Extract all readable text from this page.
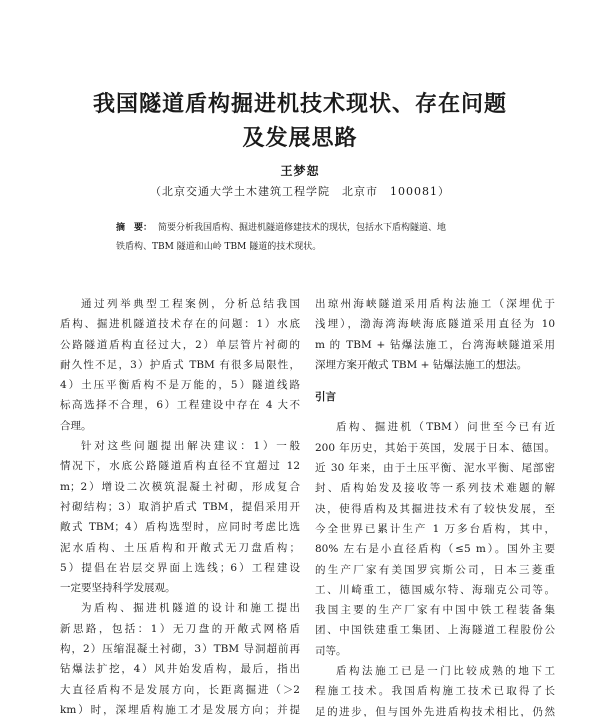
我国隧道盾构掘进机技术现状、存在问题
及发展思路
王梦恕
（北京交通大学土木建筑工程学院　北京市　100081）
摘　要： 简要分析我国盾构、掘进机隧道修建技术的现状，包括水下盾构隧道、地
铁盾构、TBM 隧道和山岭 TBM 隧道的技术现状。
通过列举典型工程案例，分析总结我国
盾构、掘进机隧道技术存在的问题：1）水底
公路隧道盾构直径过大，2）单层管片衬砌的
耐久性不足，3）护盾式 TBM 有很多局限性，
4）土压平衡盾构不是万能的，5）隧道线路
标高选择不合理，6）工程建设中存在 4 大不
合理。
针对这些问题提出解决建议：1）一般
情况下，水底公路隧道盾构直径不宜超过 12
m；2）增设二次模筑混凝土衬砌，形成复合
衬砌结构；3）取消护盾式 TBM，提倡采用开
敞式 TBM；4）盾构选型时，应同时考虑比选
泥水盾构、土压盾构和开敞式无刀盘盾构；
5）提倡在岩层交界面上选线；6）工程建设
一定要坚持科学发展观。
为盾构、掘进机隧道的设计和施工提出
新思路，包括：1）无刀盘的开敞式网格盾
构，2）压缩混凝土衬砌，3）TBM 导洞超前再
钻爆法扩挖，4）风井始发盾构，最后，指出
大直径盾构不是发展方向，长距离掘进（＞2
km）时，深埋盾构施工才是发展方向；并提
出琼州海峡隧道采用盾构法施工（深埋优于
浅埋），渤海湾海峡海底隧道采用直径为 10
m 的 TBM + 钻爆法施工，台湾海峡隧道采用
深埋方案开敞式 TBM + 钻爆法施工的想法。
引言
盾构、掘进机（TBM）问世至今已有近
200 年历史，其始于英国，发展于日本、德国。
近 30 年来，由于土压平衡、泥水平衡、尾部密
封、盾构始发及接收等一系列技术难题的解
决，使得盾构及其掘进技术有了较快发展，至
今全世界已累计生产 1 万多台盾构，其中，
80% 左右是小直径盾构（≤5 m）。国外主要
的生产厂家有美国罗宾斯公司，日本三菱重
工、川崎重工，德国威尔特、海瑞克公司等。
我国主要的生产厂家有中国中铁工程装备集
团、中国铁建重工集团、上海隧道工程股份公
司等。
盾构法施工已是一门比较成熟的地下工
程施工技术。我国盾构施工技术已取得了长
足的进步，但与国外先进盾构技术相比，仍然
